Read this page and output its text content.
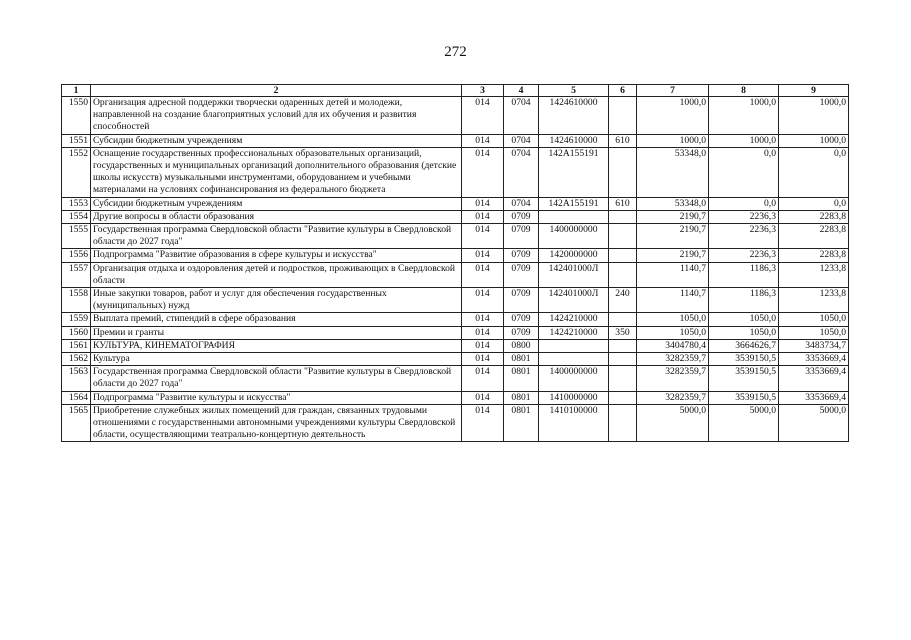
272
1	2	3	4	5	6	7	8	9
1550	Организация адресной поддержки творчески одаренных детей и молодежи, направленной на создание благоприятных условий для их обучения и развития способностей	014	0704	1424610000		1000,0	1000,0	1000,0
1551	Субсидии бюджетным учреждениям	014	0704	1424610000	610	1000,0	1000,0	1000,0
1552	Оснащение государственных профессиональных образовательных организаций, государственных и муниципальных организаций дополнительного образования (детские школы искусств) музыкальными инструментами, оборудованием и учебными материалами на условиях софинансирования из федерального бюджета	014	0704	142А155191		53348,0	0,0	0,0
1553	Субсидии бюджетным учреждениям	014	0704	142А155191	610	53348,0	0,0	0,0
1554	Другие вопросы в области образования	014	0709			2190,7	2236,3	2283,8
1555	Государственная программа Свердловской области "Развитие культуры в Свердловской области до 2027 года"	014	0709	1400000000		2190,7	2236,3	2283,8
1556	Подпрограмма "Развитие образования в сфере культуры и искусства"	014	0709	1420000000		2190,7	2236,3	2283,8
1557	Организация отдыха и оздоровления детей и подростков, проживающих в Свердловской области	014	0709	142401000Л		1140,7	1186,3	1233,8
1558	Иные закупки товаров, работ и услуг для обеспечения государственных (муниципальных) нужд	014	0709	142401000Л	240	1140,7	1186,3	1233,8
1559	Выплата премий, стипендий в сфере образования	014	0709	1424210000		1050,0	1050,0	1050,0
1560	Премии и гранты	014	0709	1424210000	350	1050,0	1050,0	1050,0
1561	КУЛЬТУРА, КИНЕМАТОГРАФИЯ	014	0800			3404780,4	3664626,7	3483734,7
1562	Культура	014	0801			3282359,7	3539150,5	3353669,4
1563	Государственная программа Свердловской области "Развитие культуры в Свердловской области до 2027 года"	014	0801	1400000000		3282359,7	3539150,5	3353669,4
1564	Подпрограмма "Развитие культуры и искусства"	014	0801	1410000000		3282359,7	3539150,5	3353669,4
1565	Приобретение служебных жилых помещений для граждан, связанных трудовыми отношениями с государственными автономными учреждениями культуры Свердловской области, осуществляющими театрально-концертную деятельность	014	0801	1410100000		5000,0	5000,0	5000,0
